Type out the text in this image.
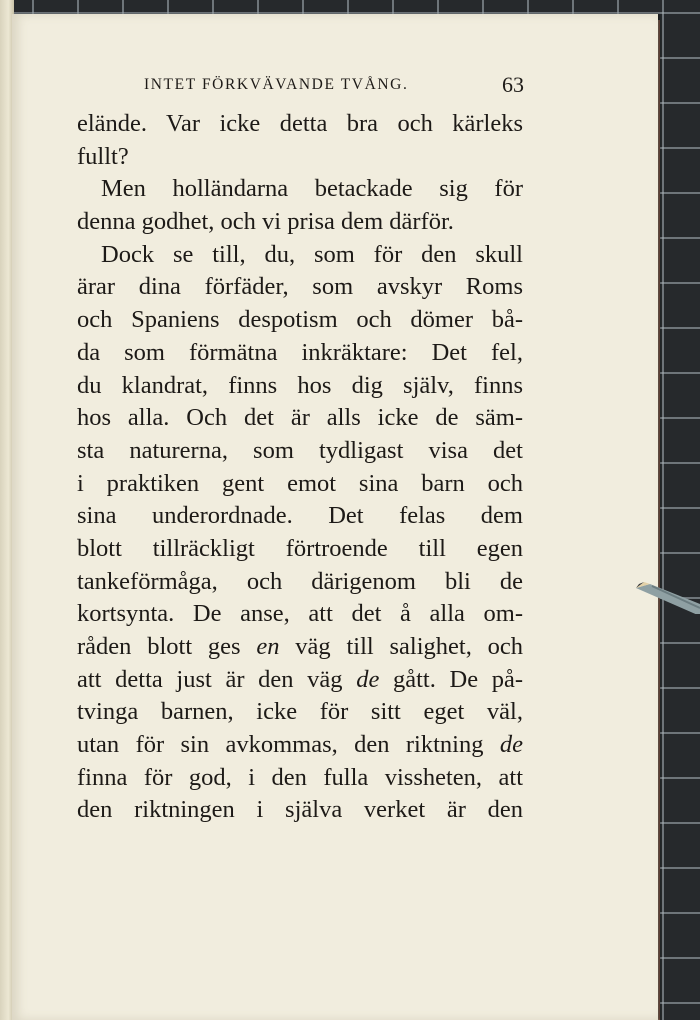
INTET FÖRKVÄVANDE TVÅNG.	63
elände. Var icke detta bra och kärleks
fullt?
Men holländarna betackade sig för
denna godhet, och vi prisa dem därför.
Dock se till, du, som för den skull
ärar dina förfäder, som avskyr Roms
och Spaniens despotism och dömer bå-
da som förmätna inkräktare: Det fel,
du klandrat, finns hos dig själv, finns
hos alla. Och det är alls icke de säm-
sta naturerna, som tydligast visa det
i praktiken gent emot sina barn och
sina underordnade. Det felas dem
blott tillräckligt förtroende till egen
tankeförmåga, och därigenom bli de
kortsynta. De anse, att det å alla om-
råden blott ges en väg till salighet, och
att detta just är den väg de gått. De på-
tvinga barnen, icke för sitt eget väl,
utan för sin avkommas, den riktning de
finna för god, i den fulla vissheten, att
den riktningen i själva verket är den
